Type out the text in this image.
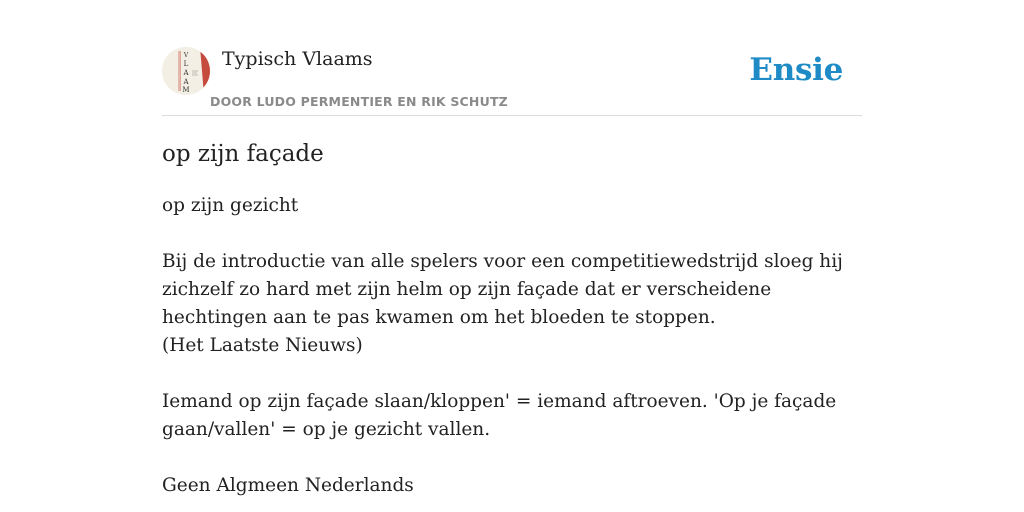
V
L
A
A
M
Typisch Vlaams
DOOR LUDO PERMENTIER EN RIK SCHUTZ
Ensie
op zijn façade

op zijn gezicht

Bij de introductie van alle spelers voor een competitiewedstrijd sloeg hij zichzelf zo hard met zijn helm op zijn façade dat er verscheidene hechtingen aan te pas kwamen om het bloeden te stoppen.

(Het Laatste Nieuws)

Iemand op zijn façade slaan/kloppen' = iemand aftroeven. 'Op je façade gaan/vallen' = op je gezicht vallen.

Geen Algmeen Nederlands
